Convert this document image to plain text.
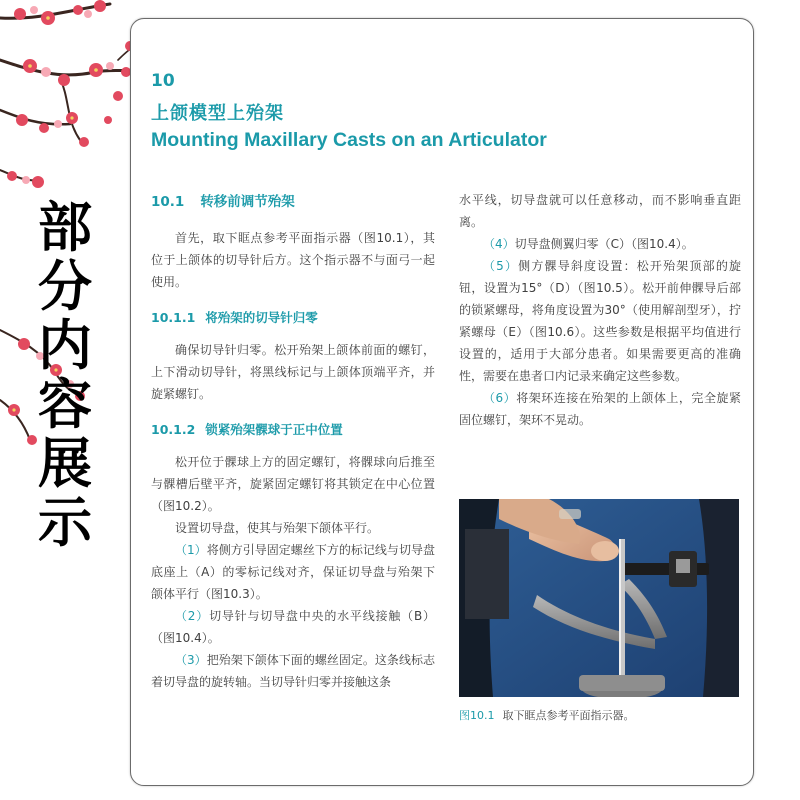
部
分
内
容
展
示
10
上颌模型上殆架
Mounting Maxillary Casts on an Articulator
10.1 转移前调节殆架

首先，取下眶点参考平面指示器（图10.1），其位于上颌体的切导针后方。这个指示器不与面弓一起使用。

10.1.1 将殆架的切导针归零

确保切导针归零。松开殆架上颌体前面的螺钉，上下滑动切导针，将黑线标记与上颌体顶端平齐，并旋紧螺钉。

10.1.2 锁紧殆架髁球于正中位置

松开位于髁球上方的固定螺钉，将髁球向后推至与髁槽后壁平齐，旋紧固定螺钉将其锁定在中心位置（图10.2）。

设置切导盘，使其与殆架下颌体平行。

（1）将侧方引导固定螺丝下方的标记线与切导盘底座上（A）的零标记线对齐，保证切导盘与殆架下颌体平行（图10.3）。

（2）切导针与切导盘中央的水平线接触（B）（图10.4）。

（3）把殆架下颌体下面的螺丝固定。这条线标志着切导盘的旋转轴。当切导针归零并接触这条

水平线，切导盘就可以任意移动，而不影响垂直距离。

（4）切导盘侧翼归零（C）（图10.4）。

（5）侧方髁导斜度设置：松开殆架顶部的旋钮，设置为15°（D）（图10.5）。松开前伸髁导后部的锁紧螺母，将角度设置为30°（使用解剖型牙），拧紧螺母（E）（图10.6）。这些参数是根据平均值进行设置的，适用于大部分患者。如果需要更高的准确性，需要在患者口内记录来确定这些参数。

（6）将架环连接在殆架的上颌体上，完全旋紧固位螺钉，架环不晃动。

图10.1 取下眶点参考平面指示器。
